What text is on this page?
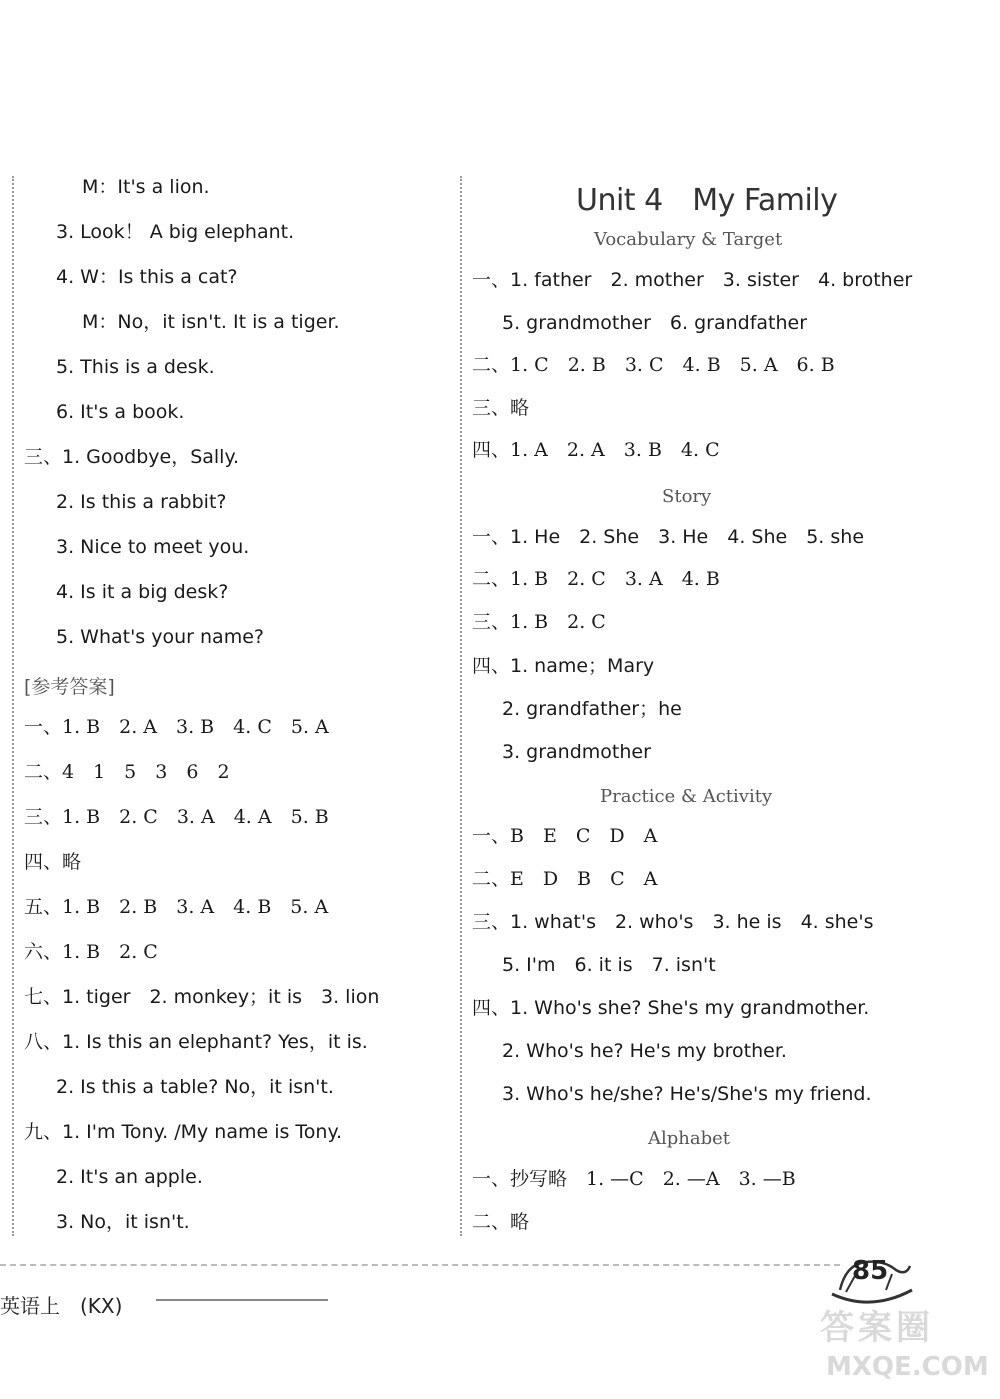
M：It's a lion.
3. Look！ A big elephant.
4. W：Is this a cat?
M：No，it isn't. It is a tiger.
5. This is a desk.
6. It's a book.
三、1. Goodbye，Sally.
2. Is this a rabbit?
3. Nice to meet you.
4. Is it a big desk?
5. What's your name?
一、1. B　2. A　3. B　4. C　5. A
二、4　1　5　3　6　2
三、1. B　2. C　3. A　4. A　5. B
四、略
五、1. B　2. B　3. A　4. B　5. A
六、1. B　2. C
七、1. tiger　2. monkey；it is　3. lion
八、1. Is this an elephant? Yes，it is.
2. Is this a table? No，it isn't.
九、1. I'm Tony. /My name is Tony.
2. It's an apple.
3. No，it isn't.
[参考答案]
Unit 4　My Family
Vocabulary & Target
Story
Practice & Activity
Alphabet
一、1. father　2. mother　3. sister　4. brother
5. grandmother　6. grandfather
二、1. C　2. B　3. C　4. B　5. A　6. B
三、略
四、1. A　2. A　3. B　4. C
一、1. He　2. She　3. He　4. She　5. she
二、1. B　2. C　3. A　4. B
三、1. B　2. C
四、1. name；Mary
2. grandfather；he
3. grandmother
一、B　E　C　D　A
二、E　D　B　C　A
三、1. what's　2. who's　3. he is　4. she's
5. I'm　6. it is　7. isn't
四、1. Who's she? She's my grandmother.
2. Who's he? He's my brother.
3. Who's he/she? He's/She's my friend.
一、抄写略　1. —C　2. —A　3. —B
二、略
英语上　(KX)
85
答案圈
MXQE.COM
